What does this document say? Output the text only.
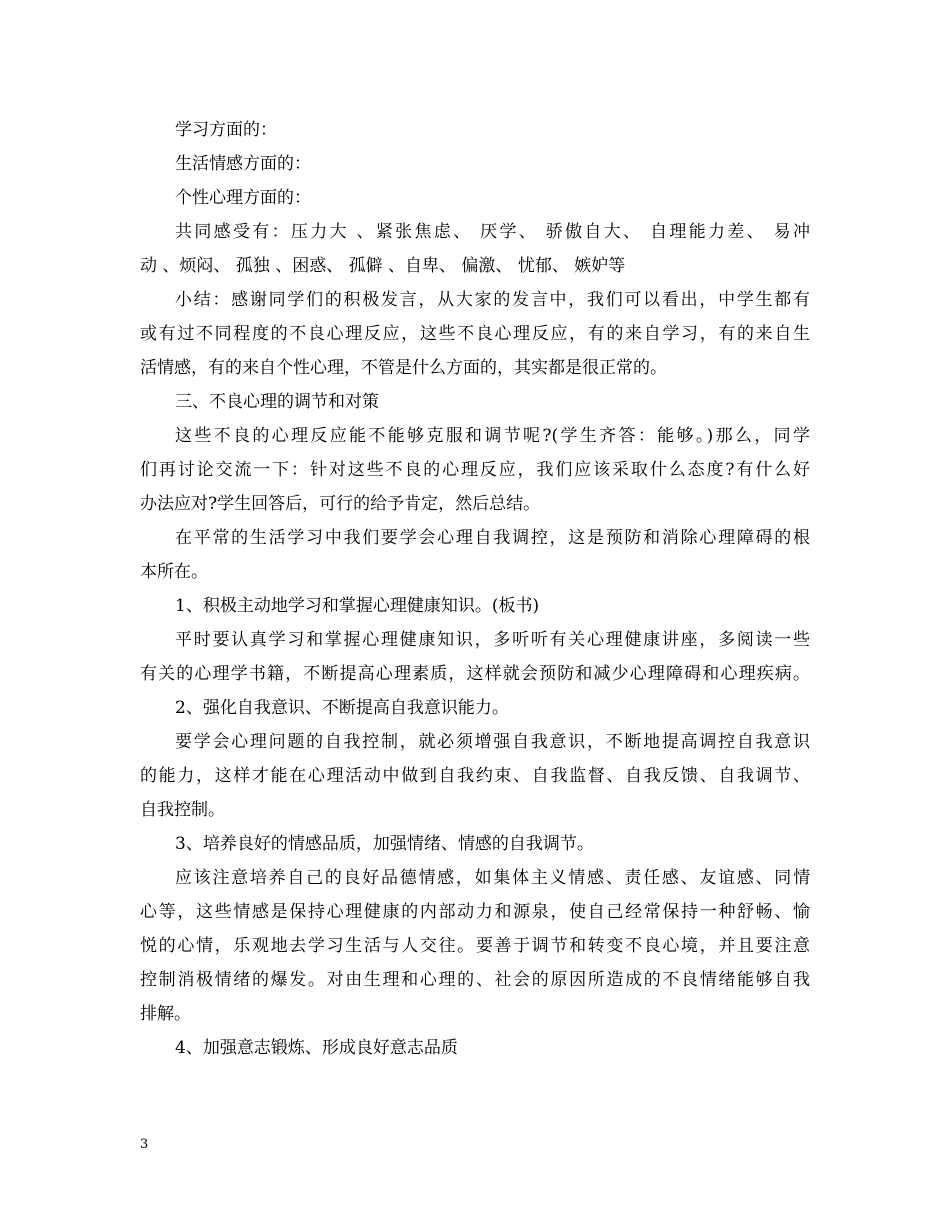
学习方面的：

生活情感方面的：

个性心理方面的：

共同感受有：压力大 、紧张焦虑、 厌学、 骄傲自大、 自理能力差、 易冲

动 、烦闷、 孤独 、困惑、 孤僻 、自卑、 偏激、 忧郁、 嫉妒等

小结：感谢同学们的积极发言，从大家的发言中，我们可以看出，中学生都有

或有过不同程度的不良心理反应，这些不良心理反应，有的来自学习，有的来自生

活情感，有的来自个性心理，不管是什么方面的，其实都是很正常的。

三、不良心理的调节和对策

这些不良的心理反应能不能够克服和调节呢?(学生齐答：能够。)那么，同学

们再讨论交流一下：针对这些不良的心理反应，我们应该采取什么态度?有什么好

办法应对?学生回答后，可行的给予肯定，然后总结。

在平常的生活学习中我们要学会心理自我调控，这是预防和消除心理障碍的根

本所在。

1、积极主动地学习和掌握心理健康知识。(板书)

平时要认真学习和掌握心理健康知识，多听听有关心理健康讲座，多阅读一些

有关的心理学书籍，不断提高心理素质，这样就会预防和减少心理障碍和心理疾病。

2、强化自我意识、不断提高自我意识能力。

要学会心理问题的自我控制，就必须增强自我意识，不断地提高调控自我意识

的能力，这样才能在心理活动中做到自我约束、自我监督、自我反馈、自我调节、

自我控制。

3、培养良好的情感品质，加强情绪、情感的自我调节。

应该注意培养自己的良好品德情感，如集体主义情感、责任感、友谊感、同情

心等，这些情感是保持心理健康的内部动力和源泉，使自己经常保持一种舒畅、愉

悦的心情，乐观地去学习生活与人交往。要善于调节和转变不良心境，并且要注意

控制消极情绪的爆发。对由生理和心理的、社会的原因所造成的不良情绪能够自我

排解。

4、加强意志锻炼、形成良好意志品质

3
